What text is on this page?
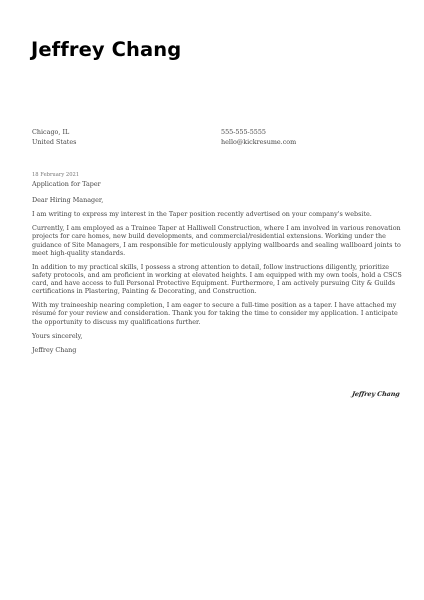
Jeffrey Chang
Chicago, IL
United States
555-555-5555
hello@kickresume.com
18 February 2021
Application for Taper

Dear Hiring Manager,

I am writing to express my interest in the Taper position recently advertised on your company's website.

Currently, I am employed as a Trainee Taper at Halliwell Construction, where I am involved in various renovation projects for care homes, new build developments, and commercial/residential extensions. Working under the guidance of Site Managers, I am responsible for meticulously applying wallboards and sealing wallboard joints to meet high-quality standards.

In addition to my practical skills, I possess a strong attention to detail, follow instructions diligently, prioritize safety protocols, and am proficient in working at elevated heights. I am equipped with my own tools, hold a CSCS card, and have access to full Personal Protective Equipment. Furthermore, I am actively pursuing City & Guilds certifications in Plastering, Painting & Decorating, and Construction.

With my traineeship nearing completion, I am eager to secure a full-time position as a taper. I have attached my résumé for your review and consideration. Thank you for taking the time to consider my application. I anticipate the opportunity to discuss my qualifications further.

Yours sincerely,

Jeffrey Chang

Jeffrey Chang
